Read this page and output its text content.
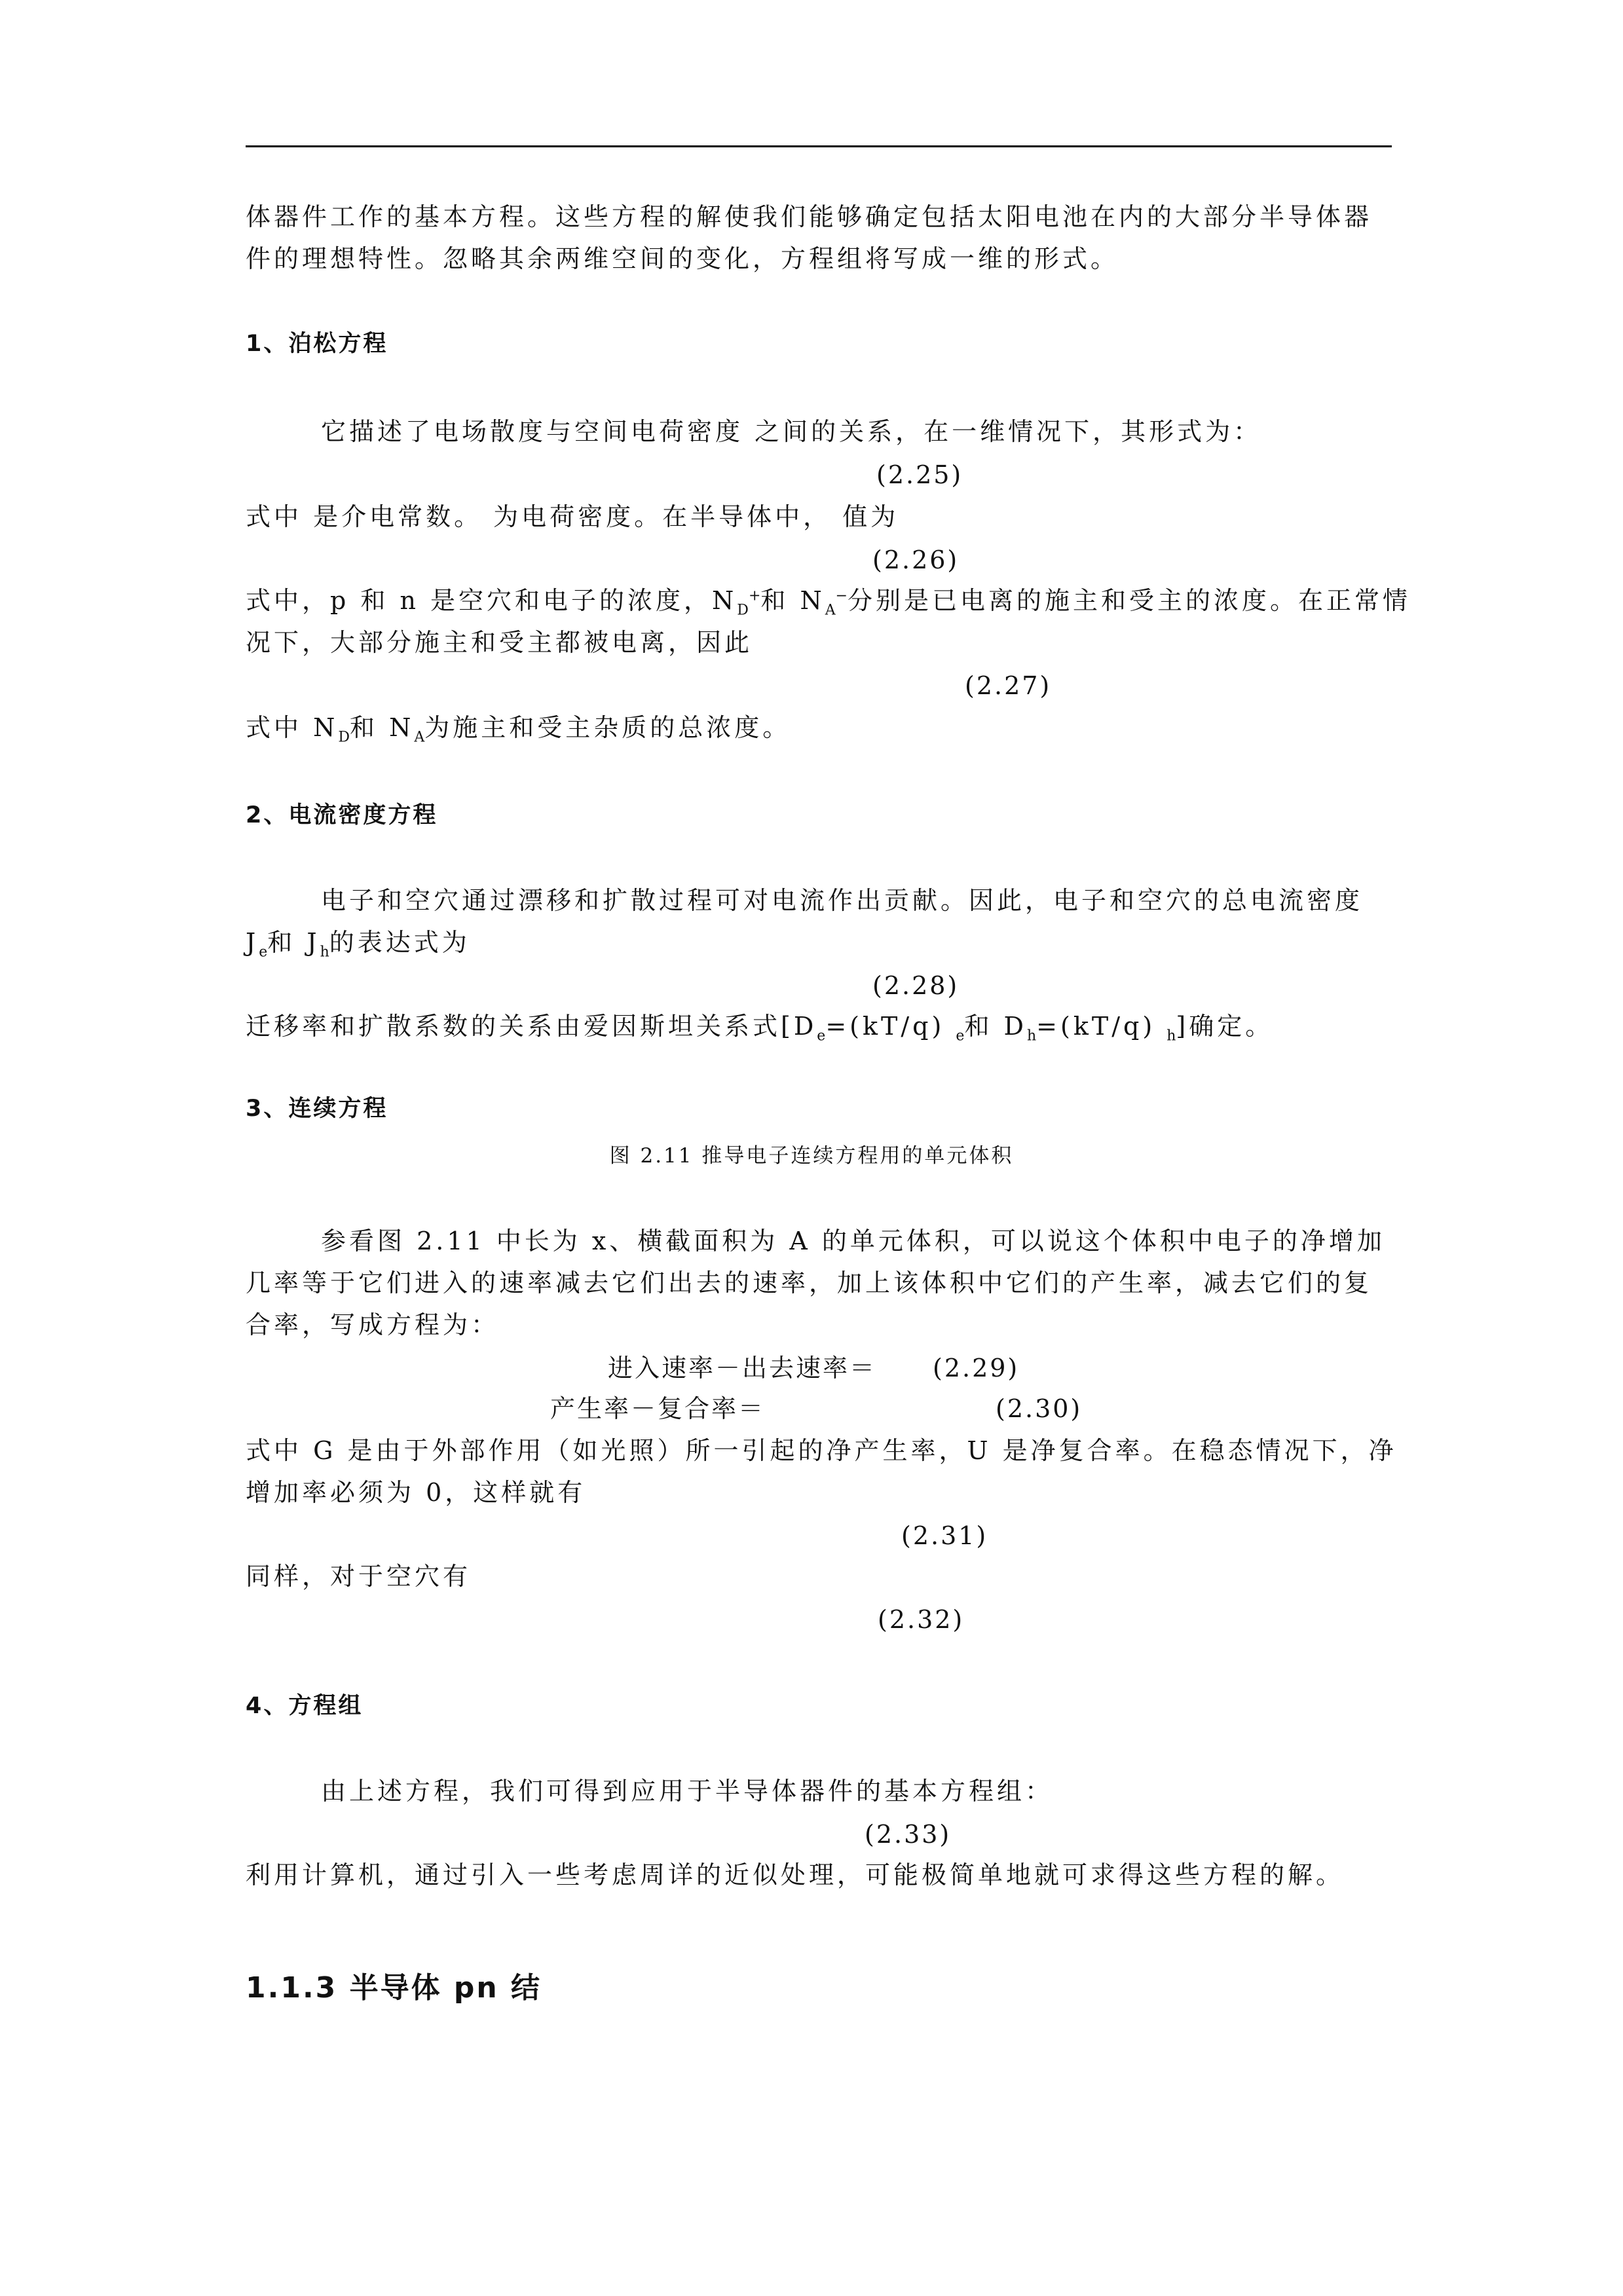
体器件工作的基本方程。这些方程的解使我们能够确定包括太阳电池在内的大部分半导体器
件的理想特性。忽略其余两维空间的变化，方程组将写成一维的形式。
1、泊松方程
它描述了电场散度与空间电荷密度 之间的关系，在一维情况下，其形式为：
(2.25)
式中 是介电常数。 为电荷密度。在半导体中， 值为
(2.26)
式中，p 和 n 是空穴和电子的浓度，$N_D^+$和 $N_A^-$分别是已电离的施主和受主的浓度。在正常情
况下，大部分施主和受主都被电离，因此
(2.27)
式中 $N_D$和 $N_A$为施主和受主杂质的总浓度。
2、电流密度方程
电子和空穴通过漂移和扩散过程可对电流作出贡献。因此，电子和空穴的总电流密度
$J_e$和 $J_h$的表达式为
(2.28)
迁移率和扩散系数的关系由爱因斯坦关系式[$D_e=(kT/q)$ $_e$和 $D_h=(kT/q)$ $_h$]确定。
3、连续方程
图 2.11 推导电子连续方程用的单元体积
参看图 2.11 中长为 x、横截面积为 A 的单元体积，可以说这个体积中电子的净增加
几率等于它们进入的速率减去它们出去的速率，加上该体积中它们的产生率，减去它们的复
合率，写成方程为：
进入速率－出去速率＝ (2.29)
产生率－复合率＝	(2.30)
式中 G 是由于外部作用（如光照）所一引起的净产生率，U 是净复合率。在稳态情况下，净
增加率必须为 0，这样就有
(2.31)
同样，对于空穴有
(2.32)
4、方程组
由上述方程，我们可得到应用于半导体器件的基本方程组：
(2.33)
利用计算机，通过引入一些考虑周详的近似处理，可能极简单地就可求得这些方程的解。
1.1.3 半导体 pn 结
